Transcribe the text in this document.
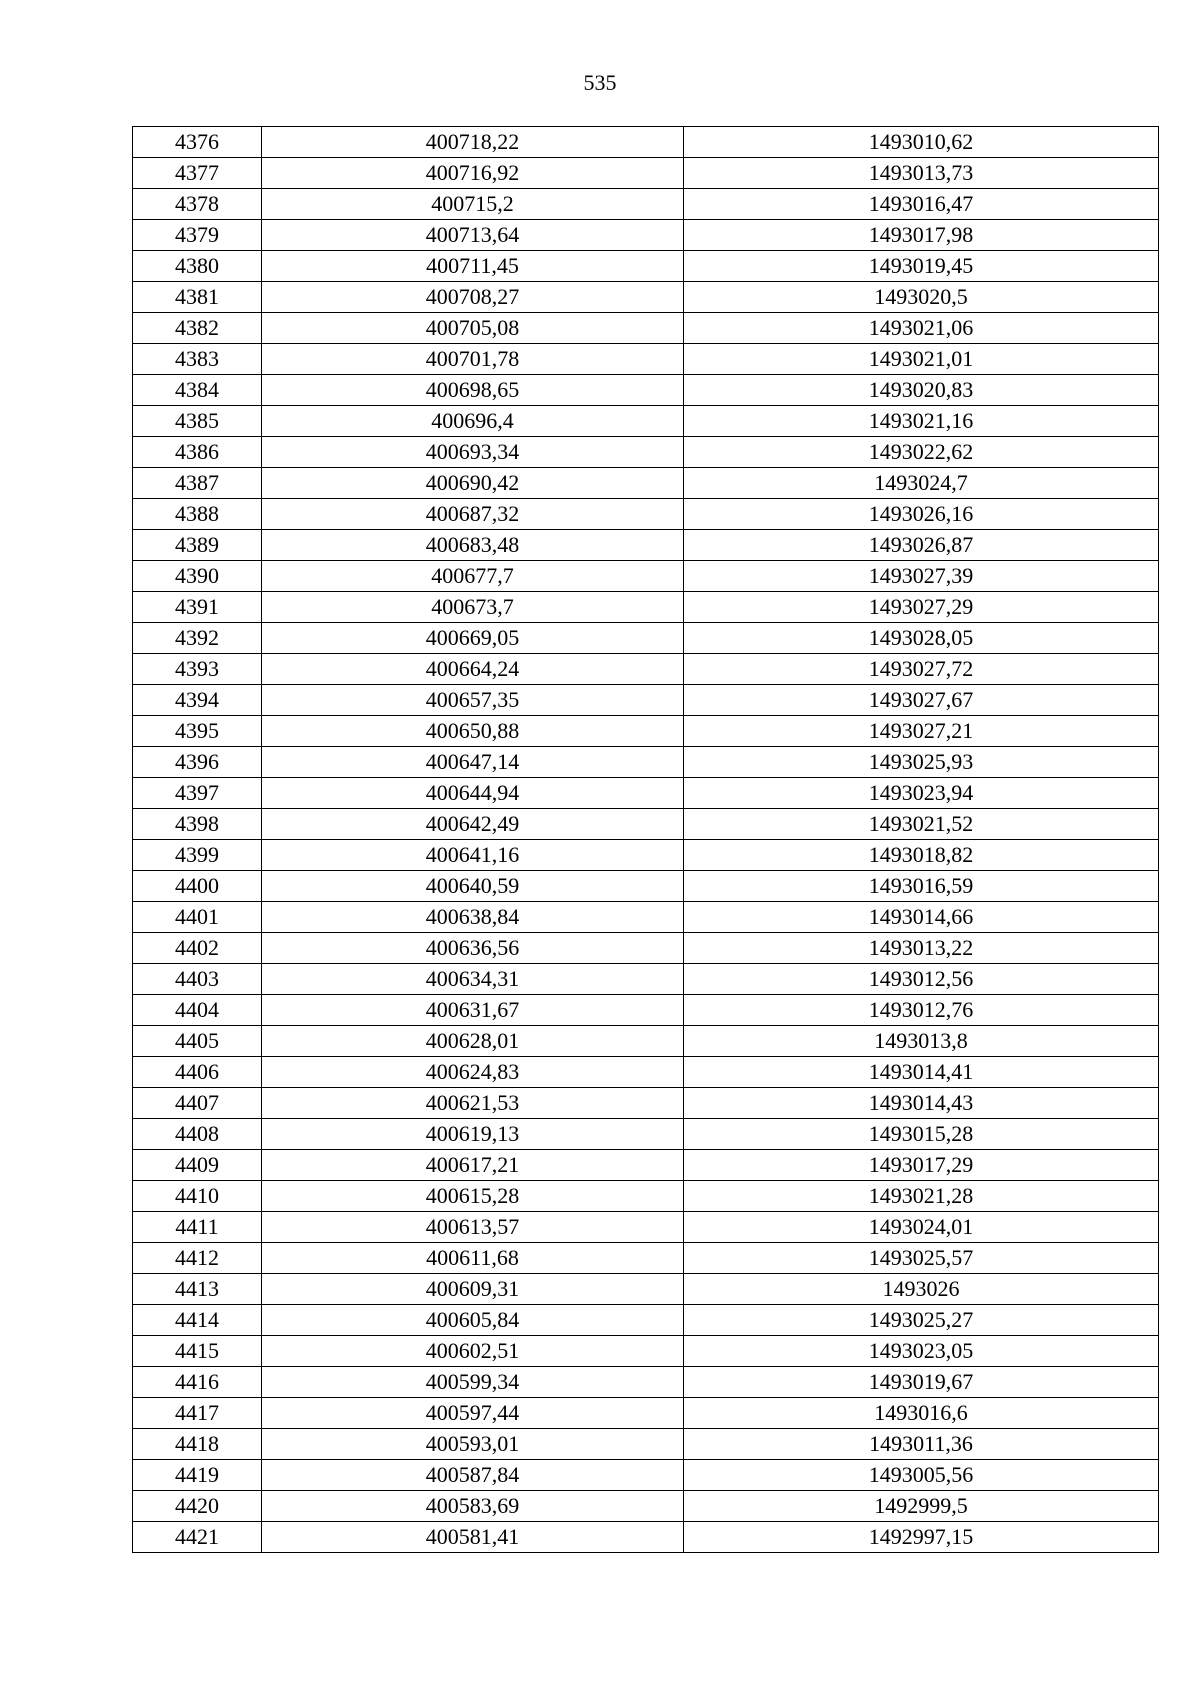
535
4376	400718,22	1493010,62
4377	400716,92	1493013,73
4378	400715,2	1493016,47
4379	400713,64	1493017,98
4380	400711,45	1493019,45
4381	400708,27	1493020,5
4382	400705,08	1493021,06
4383	400701,78	1493021,01
4384	400698,65	1493020,83
4385	400696,4	1493021,16
4386	400693,34	1493022,62
4387	400690,42	1493024,7
4388	400687,32	1493026,16
4389	400683,48	1493026,87
4390	400677,7	1493027,39
4391	400673,7	1493027,29
4392	400669,05	1493028,05
4393	400664,24	1493027,72
4394	400657,35	1493027,67
4395	400650,88	1493027,21
4396	400647,14	1493025,93
4397	400644,94	1493023,94
4398	400642,49	1493021,52
4399	400641,16	1493018,82
4400	400640,59	1493016,59
4401	400638,84	1493014,66
4402	400636,56	1493013,22
4403	400634,31	1493012,56
4404	400631,67	1493012,76
4405	400628,01	1493013,8
4406	400624,83	1493014,41
4407	400621,53	1493014,43
4408	400619,13	1493015,28
4409	400617,21	1493017,29
4410	400615,28	1493021,28
4411	400613,57	1493024,01
4412	400611,68	1493025,57
4413	400609,31	1493026
4414	400605,84	1493025,27
4415	400602,51	1493023,05
4416	400599,34	1493019,67
4417	400597,44	1493016,6
4418	400593,01	1493011,36
4419	400587,84	1493005,56
4420	400583,69	1492999,5
4421	400581,41	1492997,15
